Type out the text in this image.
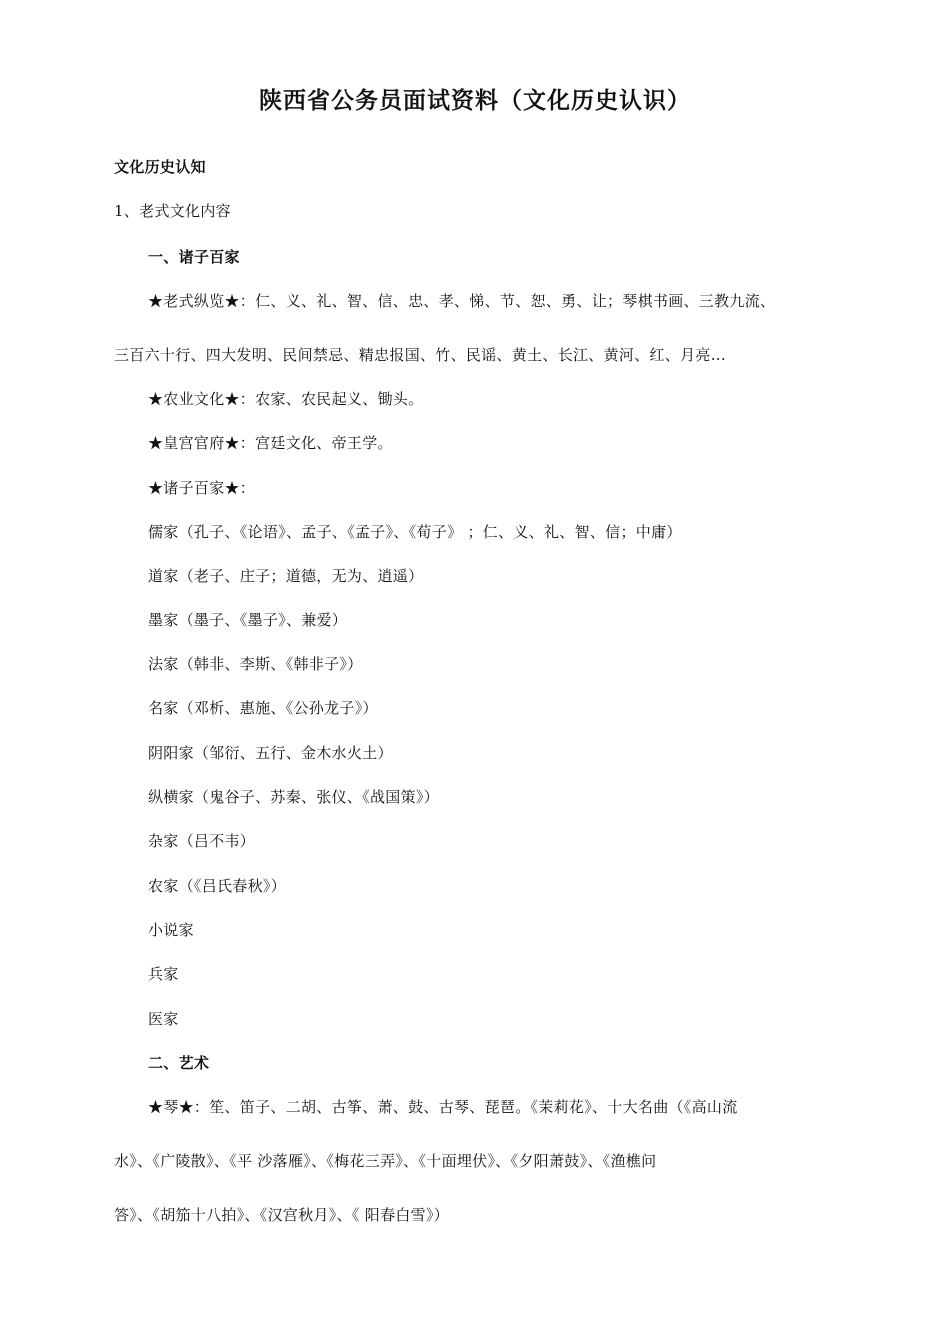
陕西省公务员面试资料（文化历史认识）
文化历史认知
1、老式文化内容
一、诸子百家
★老式纵览★：仁、义、礼、智、信、忠、孝、悌、节、恕、勇、让；琴棋书画、三教九流、
三百六十行、四大发明、民间禁忌、精忠报国、竹、民谣、黄土、长江、黄河、红、月亮...
★农业文化★：农家、农民起义、锄头。
★皇宫官府★：宫廷文化、帝王学。
★诸子百家★：
儒家（孔子、《论语》、孟子、《孟子》、《荀子》 ；仁、义、礼、智、信；中庸）
道家（老子、庄子；道德，无为、逍遥）
墨家（墨子、《墨子》、兼爱）
法家（韩非、李斯、《韩非子》）
名家（邓析、惠施、《公孙龙子》）
阴阳家（邹衍、五行、金木水火土）
纵横家（鬼谷子、苏秦、张仪、《战国策》）
杂家（吕不韦）
农家（《吕氏春秋》）
小说家
兵家
医家
二、艺术
★琴★：笙、笛子、二胡、古筝、萧、鼓、古琴、琵琶。《茉莉花》、十大名曲（《高山流
水》、《广陵散》、《平 沙落雁》、《梅花三弄》、《十面埋伏》、《夕阳萧鼓》、《渔樵问
答》、《胡笳十八拍》、《汉宫秋月》、《 阳春白雪》）
